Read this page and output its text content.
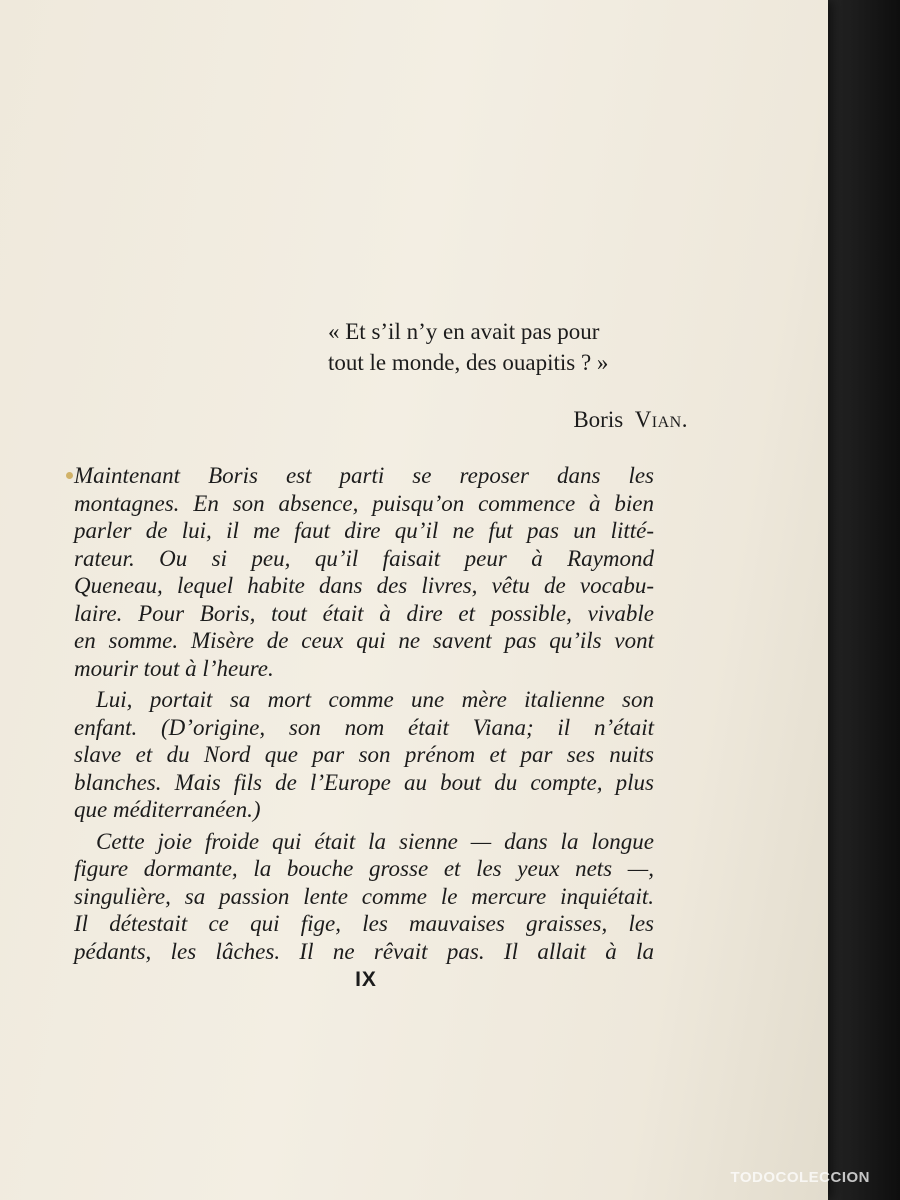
« Et s’il n’y en avait pas pour
tout le monde, des ouapitis ? »
Boris Vian.

Maintenant Boris est parti se reposer dans les
montagnes. En son absence, puisqu’on commence à bien
parler de lui, il me faut dire qu’il ne fut pas un litté-
rateur. Ou si peu, qu’il faisait peur à Raymond
Queneau, lequel habite dans des livres, vêtu de vocabu-
laire. Pour Boris, tout était à dire et possible, vivable
en somme. Misère de ceux qui ne savent pas qu’ils vont
mourir tout à l’heure.

Lui, portait sa mort comme une mère italienne son
enfant. (D’origine, son nom était Viana; il n’était
slave et du Nord que par son prénom et par ses nuits
blanches. Mais fils de l’Europe au bout du compte, plus
que méditerranéen.)

Cette joie froide qui était la sienne — dans la longue
figure dormante, la bouche grosse et les yeux nets —,
singulière, sa passion lente comme le mercure inquiétait.
Il détestait ce qui fige, les mauvaises graisses, les
pédants, les lâches. Il ne rêvait pas. Il allait à la

IX
TODOCOLECCION
